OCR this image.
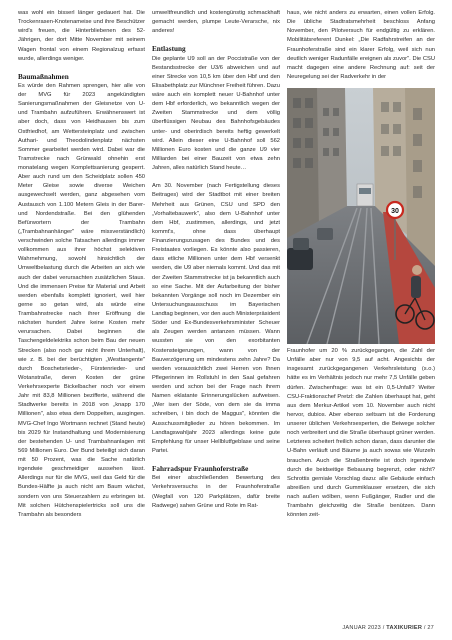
was wohl ein bisserl länger gedauert hat. Die Trockenrasen-Knotenameise und ihre Beschützer wird's freuen, die Hinterbliebenen des 52-Jährigen, der dort Mitte November mit seinem Wagen frontal von einem Regionalzug erfasst wurde, allerdings weniger.

Baumaßnahmen

Es würde den Rahmen sprengen, hier alle von der MVG für 2023 angekündigten Sanierungsmaßnahmen der Gleisnetze von U- und Trambahn aufzuführen. Erwähnenswert ist aber doch, dass von Heidhausen bis zum Ostfriedhof, am Wettersteinplatz und zwischen Authari- und Theodolindenplatz nächsten Sommer gearbeitet werden wird. Dabei war die Tramstrecke nach Grünwald ohnehin erst monatelang wegen Komplettsanierung gesperrt. Aber auch rund um den Scheidplatz sollen 450 Meter Gleise sowie diverse Weichen ausgewechselt werden, ganz abgesehen vom Austausch von 1.100 Metern Gleis in der Barer- und Nordendstraße. Bei den glühenden Befürwortern der Trambahn („Trambahnanhänger" wäre missverständlich) verschwinden solche Tatsachen allerdings immer vollkommen aus ihrer höchst selektiven Wahrnehmung, sowohl hinsichtlich der Umweltbelastung durch die Arbeiten an sich wie auch der dabei verursachten zusätzlichen Staus. Und die immensen Preise für Material und Arbeit werden ebenfalls komplett ignoriert, weil hier gerne so getan wird, als würde eine Trambahnstrecke nach ihrer Eröffnung die nächsten hundert Jahre keine Kosten mehr verursachen. Dabei beginnen die Taschengeldelektriks schon beim Bau der neuen Strecken (also noch gar nicht ihrem Unterhalt), wie z. B. bei der berüchtigten „Westtangente" durch Boschetsrieder-, Fürstenrieder- und Wotanstraße, deren Kosten der grüne Verkehrsexperte Bickelbacher noch vor einem Jahr mit 83,8 Millionen bezifferte, während die Stadtwerke bereits in 2018 von „knapp 170 Millionen", also etwa dem Doppelten, ausgingen. MVG-Chef Ingo Wortmann rechnet (Stand heute) bis 2029 für Instandhaltung und Modernisierung der bestehenden U- und Trambahnanlagen mit 569 Millionen Euro. Der Bund beteiligt sich daran mit 50 Prozent, was die Sache natürlich irgendwie geschmeidiger aussehen lässt. Allerdings nur für die MVG, weil das Geld für die Bundes-Hälfte ja auch nicht am Baum wächst, sondern von uns Steuerzahlern zu erbringen ist. Mit solchen Hütchenspielertricks soll uns die Trambahn als besonders

umweltfreundlich und kostengünstig schmackhaft gemacht werden, plumpe Leute-Verarsche, nix anderes!

Entlastung

Die geplante U9 soll an der Poccistraße von der Bestandsstrecke der U3/6 abweichen und auf einer Strecke von 10,5 km über den Hbf und den Elisabethplatz zur Münchner Freiheit führen. Dazu wäre auch ein komplett neuer U-Bahnhof unter dem Hbf erforderlich, wo bekanntlich wegen der Zweiten Stammstrecke und dem völlig überflüssigen Neubau des Bahnhofsgebäudes unter- und oberirdisch bereits heftig gewerkelt wird. Allein dieser eine U-Bahnhof soll 562 Millionen Euro kosten und die ganze U9 vier Milliarden bei einer Bauzeit von etwa zehn Jahren, alles natürlich Stand heute…

Am 30. November (nach Fertigstellung dieses Beitrages) wird der Stadtbot mit einer breiten Mehrheit aus Grünen, CSU und SPD den „Vorhaltebauwerk", also dem U-Bahnhof unter dem Hbf, zustimmen, allerdings, und jetzt kommt's, ohne dass überhaupt Finanzierungszusagen des Bundes und des Freistaates vorliegen. Es könnte also passieren, dass etliche Millionen unter dem Hbf versenkt werden, die U9 aber niemals kommt. Und das mit der Zweiten Stammstrecke ist ja bekanntlich auch so eine Sache. Mit der Aufarbeitung der bisher bekannten Vorgänge soll noch im Dezember ein Untersuchungsausschuss im Bayerischen Landtag beginnen, vor den auch Ministerpräsident Söder und Ex-Bundesverkehrsminister Scheuer als Zeugen werden antanzen müssen. Wann wussten sie von den exorbitanten Kostensteigerungen, wann von der Bauverzögerung um mindestens zehn Jahre? Da werden voraussichtlich zwei Herren von Ihnen Pflegerinnen im Rollstuhl in den Saal gefahren werden und schon bei der Frage nach ihrem Namen eklatante Erinnerungslücken aufweisen. „Wer isen der Söde, von dem sie da imma schreiben, i bin doch de Maggus", könnten die Ausschussmitglieder zu hören bekommen. Im Landtagswahljahr 2023 allerdings keine gute Empfehlung für unser Hellblutfgeblase und seine Partei.

Fahrradspur Fraunhoferstraße

Bei einer abschließenden Bewertung des Verkehrsversuchs in der Fraunhoferstraße (Wegfall von 120 Parkplätzen, dafür breite Radwege) sahen Grüne und Rote im Rat-

haus, wie nicht anders zu erwarten, einen vollen Erfolg. Die übliche Stadtratsmehrheit beschloss Anfang November, den Pilotversuch für endgültig zu erklären. Mobilitätsreferent Dunkel: „Die Radfahrstreifen an der Fraunhoferstraße sind ein klarer Erfolg, weil sich nun deutlich weniger Radunfälle ereignen als zuvor". Die CSU macht dagegen eine andere Rechnung auf: seit der Neuregelung sei der Radverkehr in der

30

Fraunhofer um 20 % zurückgegangen, die Zahl der Unfälle aber nur von 9,5 auf acht. Angesichts der insgesamt zurückgegangenen Verkehrsleistung (s.o.) hätte es im Verhältnis jedoch nur mehr 7,5 Unfälle geben dürfen. Zwischenfrage: was ist ein 0,5-Unfall? Weiter CSU-Fraktionschef Pretzl: die Zahlen überhaupt hat, geht aus dem Merkur-Artikel vom 10. November auch nicht hervor, dubios. Aber ebenso seltsam ist die Forderung unserer üblichen Verkehrsexperten, die Beiwege solcher noch verbreitert und die Straße überhaupt grüner werden. Letzteres scheitert freilich schon daran, dass darunter die U-Bahn verläuft und Bäume ja auch sowas wie Wurzeln brauchen. Auch die Straßenbreite ist doch irgendwie durch die beidseitige Bebauung begrenzt, oder nicht? Schrottis gerniale Vorschlag dazu: alle Gebäude einfach abreißen und durch Gummiklauser ersetzen, die sich nach außen wölben, wenn Fußgänger, Radler und die Trambahn gleichzeitig die Straße benützen. Dann könnten zeit-

JANUAR 2023 / TAXIKURIER / 27
